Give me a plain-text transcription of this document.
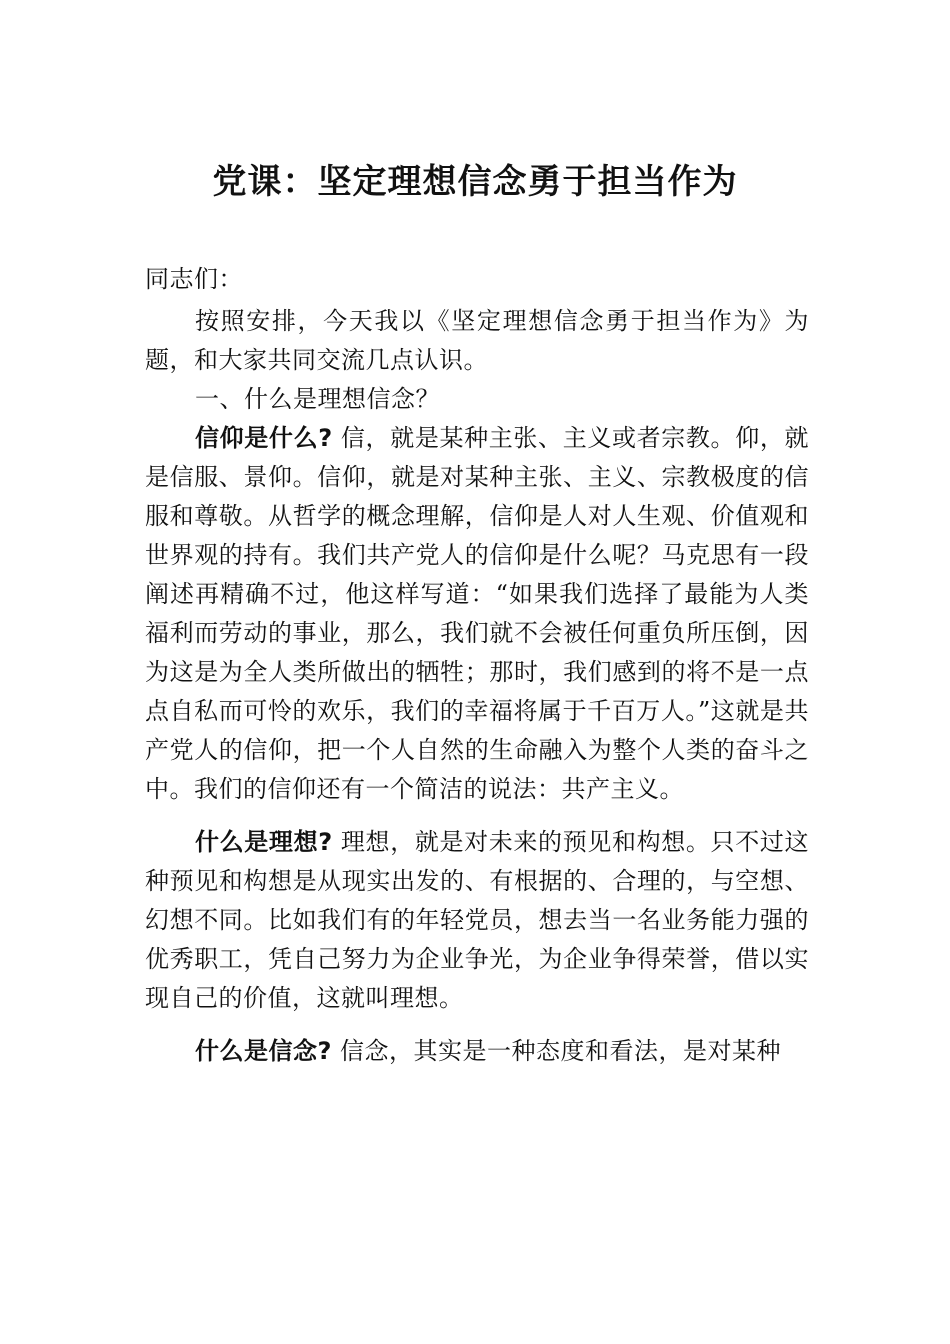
党课：坚定理想信念勇于担当作为

同志们：

按照安排，今天我以《坚定理想信念勇于担当作为》为题，和大家共同交流几点认识。

一、什么是理想信念？

信仰是什么? 信，就是某种主张、主义或者宗教。仰，就是信服、景仰。信仰，就是对某种主张、主义、宗教极度的信服和尊敬。从哲学的概念理解，信仰是人对人生观、价值观和世界观的持有。我们共产党人的信仰是什么呢？马克思有一段阐述再精确不过，他这样写道：“如果我们选择了最能为人类福利而劳动的事业，那么，我们就不会被任何重负所压倒，因为这是为全人类所做出的牺牲；那时，我们感到的将不是一点点自私而可怜的欢乐，我们的幸福将属于千百万人。”这就是共产党人的信仰，把一个人自然的生命融入为整个人类的奋斗之中。我们的信仰还有一个简洁的说法：共产主义。

什么是理想? 理想，就是对未来的预见和构想。只不过这种预见和构想是从现实出发的、有根据的、合理的，与空想、幻想不同。比如我们有的年轻党员，想去当一名业务能力强的优秀职工，凭自己努力为企业争光，为企业争得荣誉，借以实现自己的价值，这就叫理想。

什么是信念? 信念，其实是一种态度和看法，是对某种
